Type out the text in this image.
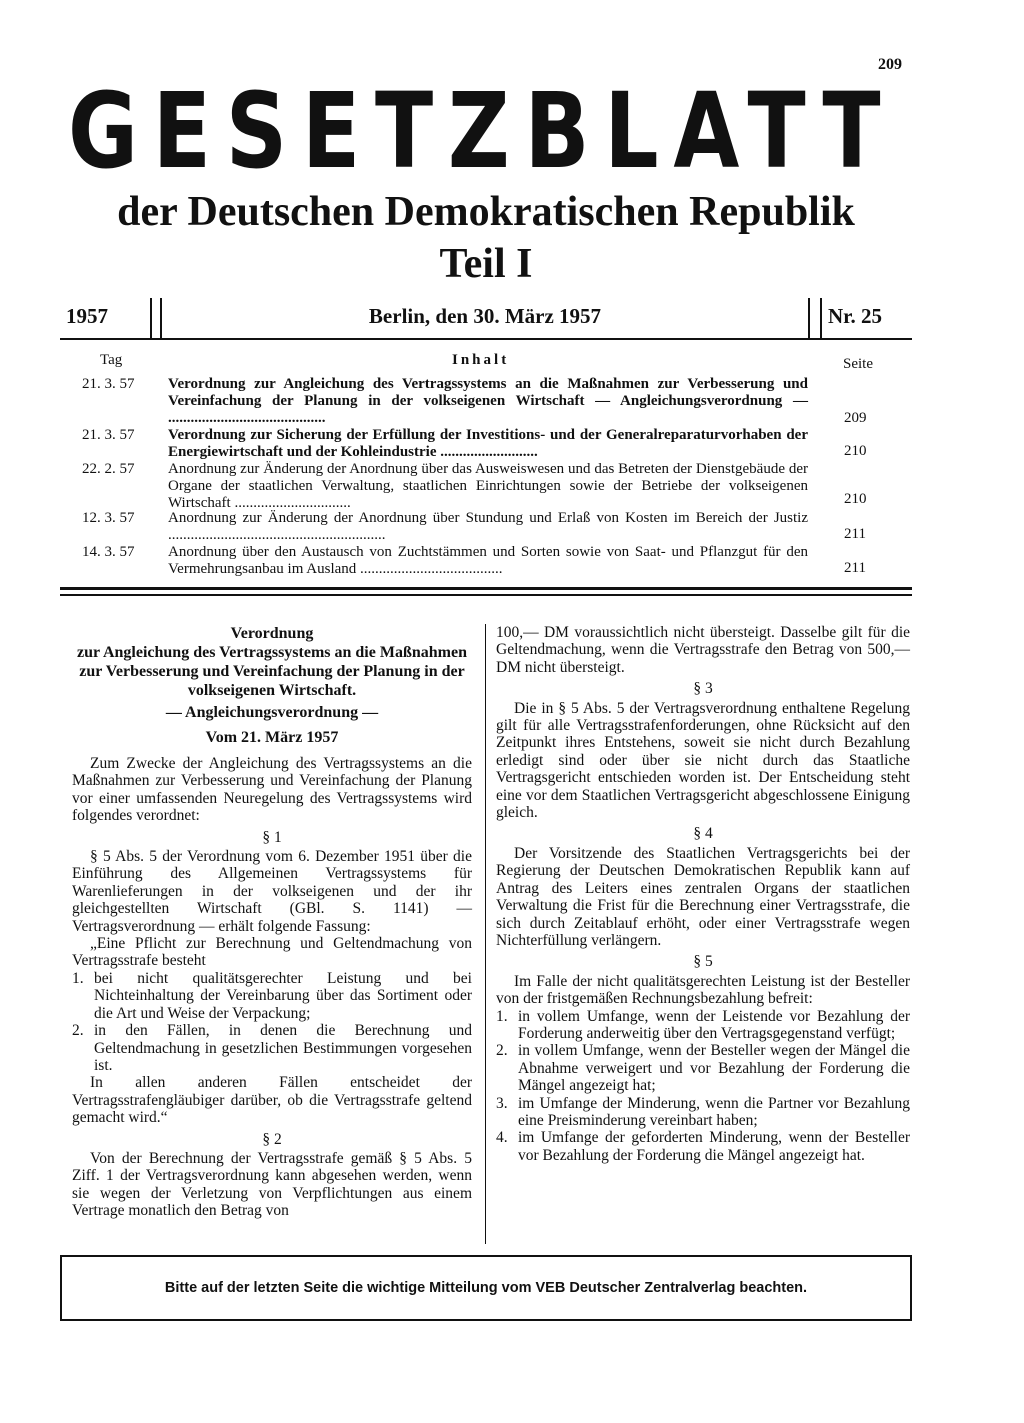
209
GESETZBLATT
der Deutschen Demokratischen Republik
Teil I
1957	Berlin, den 30. März 1957	Nr. 25
Tag	Inhalt	Seite
21. 3. 57	Verordnung zur Angleichung des Vertragssystems an die Maßnahmen zur Verbesserung und Vereinfachung der Planung in der volkseigenen Wirtschaft — Angleichungsverordnung — ..........................................	209
21. 3. 57	Verordnung zur Sicherung der Erfüllung der Investitions- und der Generalreparaturvorhaben der Energiewirtschaft und der Kohleindustrie ..........................	210
22. 2. 57	Anordnung zur Änderung der Anordnung über das Ausweiswesen und das Betreten der Dienstgebäude der Organe der staatlichen Verwaltung, staatlichen Einrichtungen sowie der Betriebe der volkseigenen Wirtschaft ...............................	210
12. 3. 57	Anordnung zur Änderung der Anordnung über Stundung und Erlaß von Kosten im Bereich der Justiz ..........................................................	211
14. 3. 57	Anordnung über den Austausch von Zuchtstämmen und Sorten sowie von Saat- und Pflanzgut für den Vermehrungsanbau im Ausland ......................................	211
Verordnung
zur Angleichung des Vertragssystems an die Maßnahmen zur Verbesserung und Vereinfachung der Planung in der volkseigenen Wirtschaft.
— Angleichungsverordnung —
Vom 21. März 1957

Zum Zwecke der Angleichung des Vertragssystems an die Maßnahmen zur Verbesserung und Vereinfachung der Planung vor einer umfassenden Neuregelung des Vertragssystems wird folgendes verordnet:

§ 1

§ 5 Abs. 5 der Verordnung vom 6. Dezember 1951 über die Einführung des Allgemeinen Vertragssystems für Warenlieferungen in der volkseigenen und der ihr gleichgestellten Wirtschaft (GBl. S. 1141) — Vertragsverordnung — erhält folgende Fassung:

„Eine Pflicht zur Berechnung und Geltendmachung von Vertragsstrafe besteht

1. bei nicht qualitätsgerechter Leistung und bei Nichteinhaltung der Vereinbarung über das Sortiment oder die Art und Weise der Verpackung;
2. in den Fällen, in denen die Berechnung und Geltendmachung in gesetzlichen Bestimmungen vorgesehen ist.

In allen anderen Fällen entscheidet der Vertragsstrafengläubiger darüber, ob die Vertragsstrafe geltend gemacht wird.“

§ 2

Von der Berechnung der Vertragsstrafe gemäß § 5 Abs. 5 Ziff. 1 der Vertragsverordnung kann abgesehen werden, wenn sie wegen der Verletzung von Verpflichtungen aus einem Vertrage monatlich den Betrag von

100,— DM voraussichtlich nicht übersteigt. Dasselbe gilt für die Geltendmachung, wenn die Vertragsstrafe den Betrag von 500,— DM nicht übersteigt.

§ 3

Die in § 5 Abs. 5 der Vertragsverordnung enthaltene Regelung gilt für alle Vertragsstrafenforderungen, ohne Rücksicht auf den Zeitpunkt ihres Entstehens, soweit sie nicht durch Bezahlung erledigt sind oder über sie nicht durch das Staatliche Vertragsgericht entschieden worden ist. Der Entscheidung steht eine vor dem Staatlichen Vertragsgericht abgeschlossene Einigung gleich.

§ 4

Der Vorsitzende des Staatlichen Vertragsgerichts bei der Regierung der Deutschen Demokratischen Republik kann auf Antrag des Leiters eines zentralen Organs der staatlichen Verwaltung die Frist für die Berechnung einer Vertragsstrafe, die sich durch Zeitablauf erhöht, oder einer Vertragsstrafe wegen Nichterfüllung verlängern.

§ 5

Im Falle der nicht qualitätsgerechten Leistung ist der Besteller von der fristgemäßen Rechnungsbezahlung befreit:

1. in vollem Umfange, wenn der Leistende vor Bezahlung der Forderung anderweitig über den Vertragsgegenstand verfügt;
2. in vollem Umfange, wenn der Besteller wegen der Mängel die Abnahme verweigert und vor Bezahlung der Forderung die Mängel angezeigt hat;
3. im Umfange der Minderung, wenn die Partner vor Bezahlung eine Preisminderung vereinbart haben;
4. im Umfange der geforderten Minderung, wenn der Besteller vor Bezahlung der Forderung die Mängel angezeigt hat.
Bitte auf der letzten Seite die wichtige Mitteilung vom VEB Deutscher Zentralverlag beachten.
